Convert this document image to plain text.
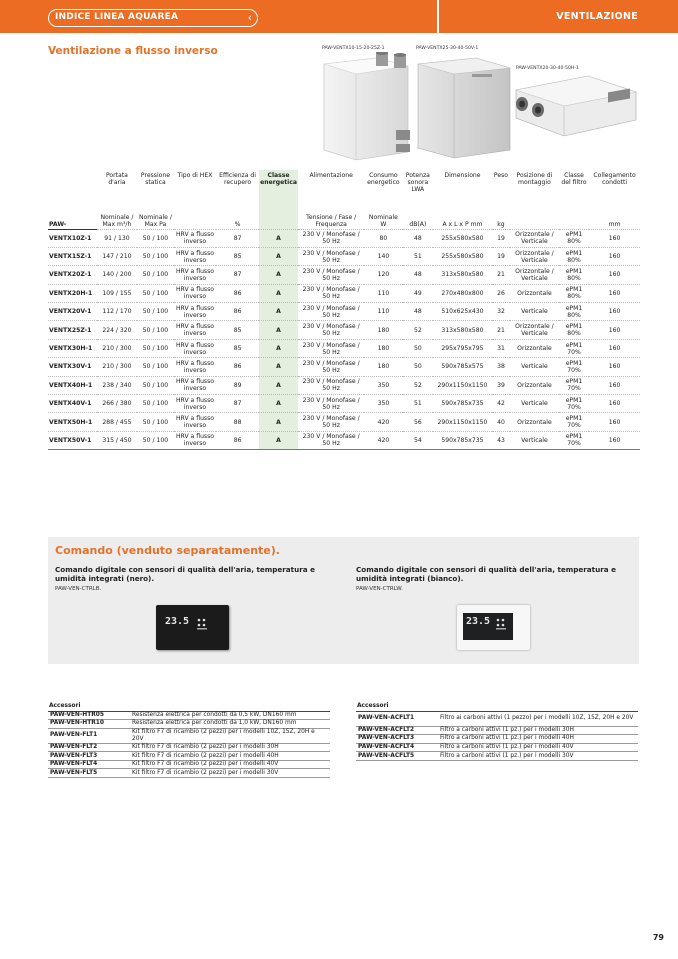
INDICE LINEA AQUAREA	‹	VENTILAZIONE
Ventilazione a flusso inverso	PAW-VENTX10-15-20-25Z-1	PAW-VENTX25-30-40-50V-1
PAW-VENTX20-30-40-50H-1
	Portata d'aria	Pressione statica	Tipo di HEX	Efficienza di recupero	Classe energetica	Alimentazione	Consumo energetico	Potenza sonora LWA	Dimensione	Peso	Posizione di montaggio	Classe del filtro	Collegamento condotti
PAW-	Nominale / Max m³/h	Nominale / Max Pa		%		Tensione / Fase / Frequenza	Nominale W	dB(A)	A x L x P mm	kg			mm
VENTX10Z-1	91 / 130	50 / 100	HRV a flusso inverso	87	A	230 V / Monofase / 50 Hz	80	48	255x580x580	19	Orizzontale / Verticale	ePM1 80%	160
VENTX15Z-1	147 / 210	50 / 100	HRV a flusso inverso	85	A	230 V / Monofase / 50 Hz	140	51	255x580x580	19	Orizzontale / Verticale	ePM1 80%	160
VENTX20Z-1	140 / 200	50 / 100	HRV a flusso inverso	87	A	230 V / Monofase / 50 Hz	120	48	313x580x580	21	Orizzontale / Verticale	ePM1 80%	160
VENTX20H-1	109 / 155	50 / 100	HRV a flusso inverso	86	A	230 V / Monofase / 50 Hz	110	49	270x480x800	26	Orizzontale	ePM1 80%	160
VENTX20V-1	112 / 170	50 / 100	HRV a flusso inverso	86	A	230 V / Monofase / 50 Hz	110	48	510x625x430	32	Verticale	ePM1 80%	160
VENTX25Z-1	224 / 320	50 / 100	HRV a flusso inverso	85	A	230 V / Monofase / 50 Hz	180	52	313x580x580	21	Orizzontale / Verticale	ePM1 80%	160
VENTX30H-1	210 / 300	50 / 100	HRV a flusso inverso	85	A	230 V / Monofase / 50 Hz	180	50	295x795x795	31	Orizzontale	ePM1 70%	160
VENTX30V-1	210 / 300	50 / 100	HRV a flusso inverso	86	A	230 V / Monofase / 50 Hz	180	50	590x785x575	38	Verticale	ePM1 70%	160
VENTX40H-1	238 / 340	50 / 100	HRV a flusso inverso	89	A	230 V / Monofase / 50 Hz	350	52	290x1150x1150	39	Orizzontale	ePM1 70%	160
VENTX40V-1	266 / 380	50 / 100	HRV a flusso inverso	87	A	230 V / Monofase / 50 Hz	350	51	590x785x735	42	Verticale	ePM1 70%	160
VENTX50H-1	288 / 455	50 / 100	HRV a flusso inverso	88	A	230 V / Monofase / 50 Hz	420	56	290x1150x1150	40	Orizzontale	ePM1 70%	160
VENTX50V-1	315 / 450	50 / 100	HRV a flusso inverso	86	A	230 V / Monofase / 50 Hz	420	54	590x785x735	43	Verticale	ePM1 70%	160
Comando (venduto separatamente).
Comando digitale con sensori di qualità dell'aria, temperatura e umidità integrati (nero).
PAW-VEN-CTRLB.
Comando digitale con sensori di qualità dell'aria, temperatura e umidità integrati (bianco).
PAW-VEN-CTRLW.
23.5	23.5
Accessori	
PAW-VEN-HTR05	Resistenza elettrica per condotti da 0,5 kW, DN160 mm
PAW-VEN-HTR10	Resistenza elettrica per condotti da 1,0 kW, DN160 mm
PAW-VEN-FLT1	Kit filtro F7 di ricambio (2 pezzi) per i modelli 10Z, 15Z, 20H e 20V
PAW-VEN-FLT2	Kit filtro F7 di ricambio (2 pezzi) per i modelli 30H
PAW-VEN-FLT3	Kit filtro F7 di ricambio (2 pezzi) per i modelli 40H
PAW-VEN-FLT4	Kit filtro F7 di ricambio (2 pezzi) per i modelli 40V
PAW-VEN-FLT5	Kit filtro F7 di ricambio (2 pezzi) per i modelli 30V
Accessori	
PAW-VEN-ACFLT1	Filtro ai carboni attivi (1 pezzo) per i modelli 10Z, 15Z, 20H e 20V
PAW-VEN-ACFLT2	Filtro a carboni attivi (1 pz.) per i modelli 30H
PAW-VEN-ACFLT3	Filtro a carboni attivi (1 pz.) per i modelli 40H
PAW-VEN-ACFLT4	Filtro a carboni attivi (1 pz.) per i modelli 40V
PAW-VEN-ACFLT5	Filtro a carboni attivi (1 pz.) per i modelli 30V
79
